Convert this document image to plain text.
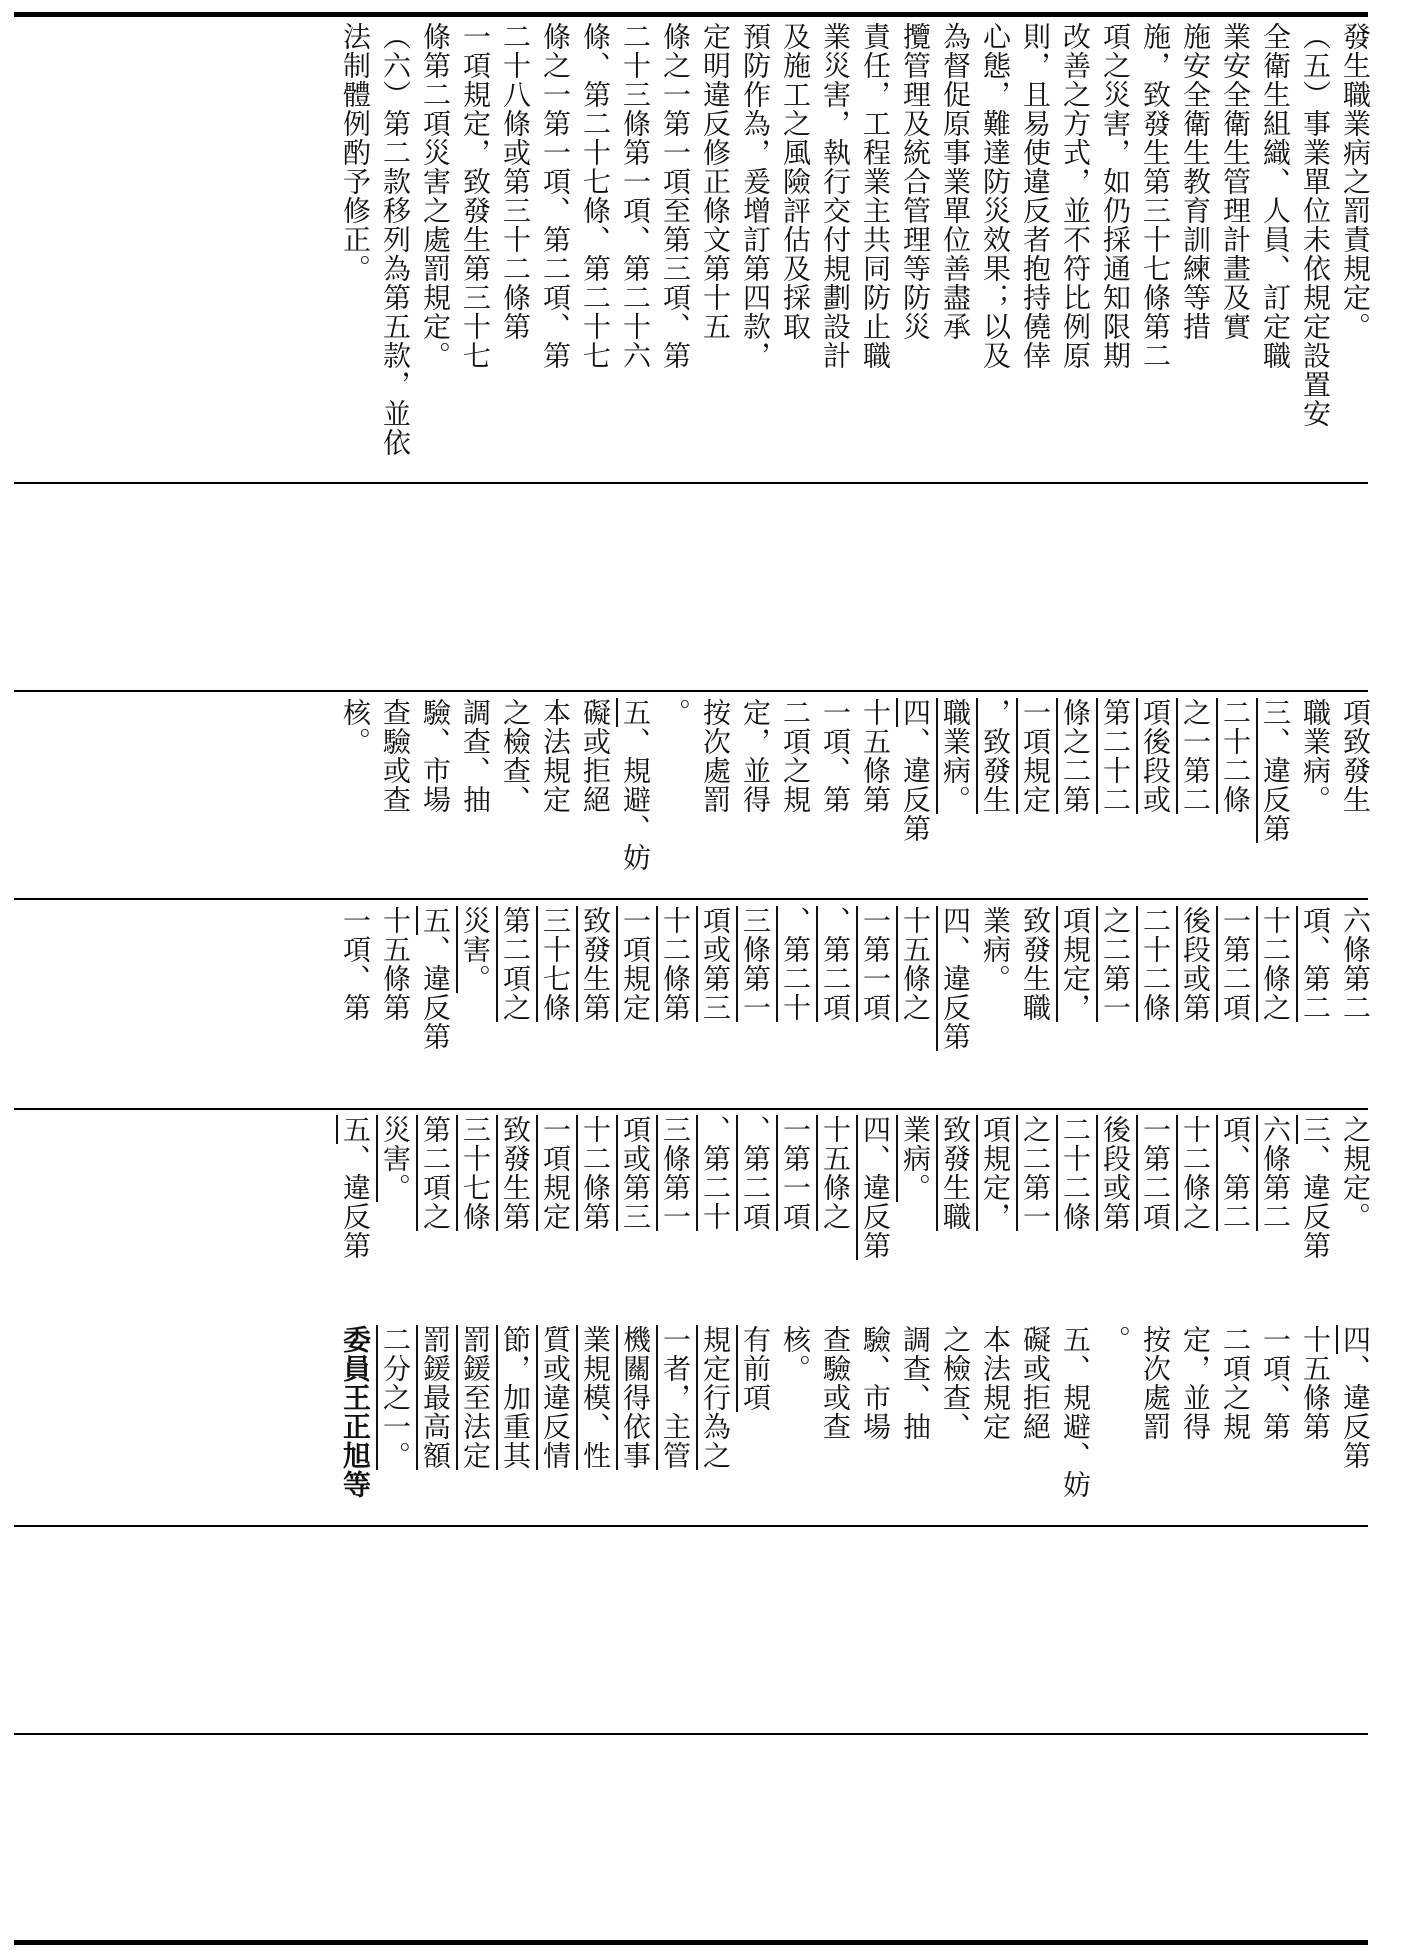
發生職業病之罰責規定。
（五）事業單位未依規定設置安
全衛生組織、人員、訂定職
業安全衛生管理計畫及實
施安全衛生教育訓練等措
施，致發生第三十七條第二
項之災害，如仍採通知限期
改善之方式，並不符比例原
則，且易使違反者抱持僥倖
心態，難達防災效果；以及
為督促原事業單位善盡承
攬管理及統合管理等防災
責任，工程業主共同防止職
業災害，執行交付規劃設計
及施工之風險評估及採取
預防作為，爰增訂第四款，
定明違反修正條文第十五
條之一第一項至第三項、第
二十三條第一項、第二十六
條、第二十七條、第二十七
條之一第一項、第二項、第
二十八條或第三十二條第
一項規定，致發生第三十七
條第二項災害之處罰規定。
（六）第二款移列為第五款，並依
法制體例酌予修正。
項致發生
職業病。
三、違反第
二十二條
之一第二
項後段或
第二十二
條之二第
一項規定
，致發生
職業病。
四、違反第
十五條第
一項、第
二項之規
定，並得
按次處罰
。
五、規避、妨
礙或拒絕
本法規定
之檢查、
調查、抽
驗、市場
查驗或查
核。
六條第二
項、第二
十二條之
一第二項
後段或第
二十二條
之二第一
項規定，
致發生職
業病。
四、違反第
十五條之
一第一項
、第二項
、第二十
三條第一
項或第三
十二條第
一項規定
致發生第
三十七條
第二項之
災害。
五、違反第
十五條第
一項、第
之規定。
三、違反第
六條第二
項、第二
十二條之
一第二項
後段或第
二十二條
之二第一
項規定，
致發生職
業病。
四、違反第
十五條之
一第一項
、第二項
、第二十
三條第一
項或第三
十二條第
一項規定
致發生第
三十七條
第二項之
災害。
五、違反第
四、違反第
十五條第
一項、第
二項之規
定，並得
按次處罰
。
五、規避、妨
礙或拒絕
本法規定
之檢查、
調查、抽
驗、市場
查驗或查
核。
有前項
規定行為之
一者，主管
機關得依事
業規模、性
質或違反情
節，加重其
罰鍰至法定
罰鍰最高額
二分之一。
委員王正旭等
